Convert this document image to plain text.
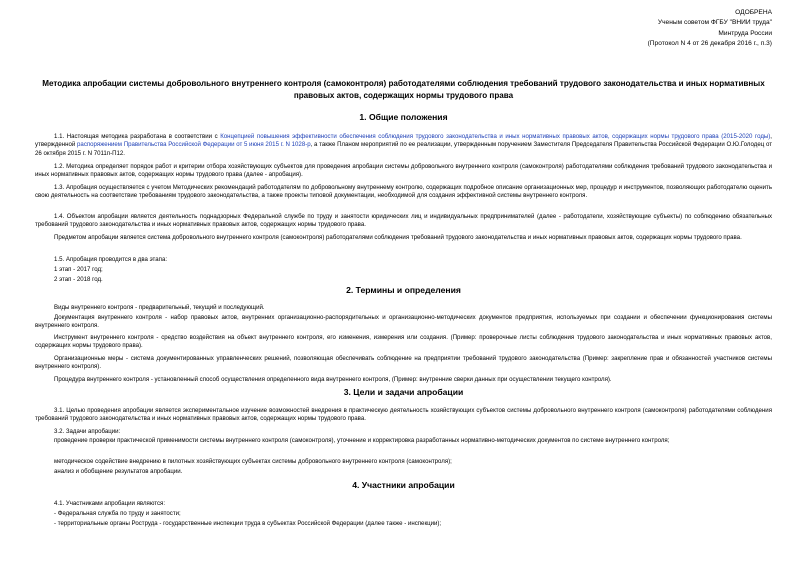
ОДОБРЕНА
Ученым советом ФГБУ "ВНИИ труда"
Минтруда России
(Протокол N 4 от 26 декабря 2016 г., п.3)
Методика апробации системы добровольного внутреннего контроля (самоконтроля) работодателями соблюдения требований трудового законодательства и иных нормативных правовых актов, содержащих нормы трудового права
1. Общие положения
1.1. Настоящая методика разработана в соответствии с Концепцией повышения эффективности обеспечения соблюдения трудового законодательства и иных нормативных правовых актов, содержащих нормы трудового права (2015-2020 годы), утвержденной распоряжением Правительства Российской Федерации от 5 июня 2015 г. N 1028-р, а также Планом мероприятий по ее реализации, утвержденным поручением Заместителя Председателя Правительства Российской Федерации О.Ю.Голодец от 26 октября 2015 г. N 7011п-П12.
1.2. Методика определяет порядок работ и критерии отбора хозяйствующих субъектов для проведения апробации системы добровольного внутреннего контроля (самоконтроля) работодателями соблюдения требований трудового законодательства и иных нормативных правовых актов, содержащих нормы трудового права (далее - апробация).
1.3. Апробация осуществляется с учетом Методических рекомендаций работодателям по добровольному внутреннему контролю, содержащих подробное описание организационных мер, процедур и инструментов, позволяющих работодателю оценить свою деятельность на соответствие требованиям трудового законодательства, а также проекты типовой документации, необходимой для создания эффективной системы внутреннего контроля.
1.4. Объектом апробации являетcя деятельность поднадзорных Федеральной службе по труду и занятости юридических лиц и индивидуальных предпринимателей (далее - работодатели, хозяйствующие субъекты) по соблюдению обязательных требований трудового законодательства и иных нормативных правовых актов, содержащих нормы трудового права.
Предметом апробации является система добровольного внутреннего контроля (самоконтроля) работодателями соблюдения требований трудового законодательства и иных нормативных правовых актов, содержащих нормы трудового права.
1.5. Апробация проводится в два этапа:
1 этап - 2017 год;
2 этап - 2018 год.
2. Термины и определения
Виды внутреннего контроля - предварительный, текущий и последующий.
Документация внутреннего контроля - набор правовых актов, внутренних организационно-распорядительных и организационно-методических документов предприятия, используемых при создании и обеспечении функционирования системы внутреннего контроля.
Инструмент внутреннего контроля - средство воздействия на объект внутреннего контроля, его изменения, измерения или создания. (Пример: проверочные листы соблюдения трудового законодательства и иных нормативных правовых актов, содержащих нормы трудового права).
Организационные меры - система документированных управленческих решений, позволяющая обеспечивать соблюдение на предприятии требований трудового законодательства (Пример: закрепление прав и обязанностей участников системы внутреннего контроля).
Процедура внутреннего контроля - установленный способ осуществления определенного вида внутреннего контроля, (Пример: внутренние сверки данных при осуществлении текущего контроля).
3. Цели и задачи апробации
3.1. Целью проведения апробации является экспериментальное изучение возможностей внедрения в практическую деятельность хозяйствующих субъектов системы добровольного внутреннего контроля (самоконтроля) работодателями соблюдения требований трудового законодательства и иных нормативных правовых актов, содержащих нормы трудового права.
3.2. Задачи апробации:
проведение проверки практической применимости системы внутреннего контроля (самоконтроля), уточнение и корректировка разработанных нормативно-методических документов по системе внутреннего контроля;
методическое содействие внедрению в пилотных хозяйствующих субъектах системы добровольного внутреннего контроля (самоконтроля);
анализ и обобщение результатов апробации.
4. Участники апробации
4.1. Участниками апробации являются:
- Федеральная служба по труду и занятости;
- территориальные органы Роструда - государственные инспекции труда в субъектах Российской Федерации (далее также - инспекции);
